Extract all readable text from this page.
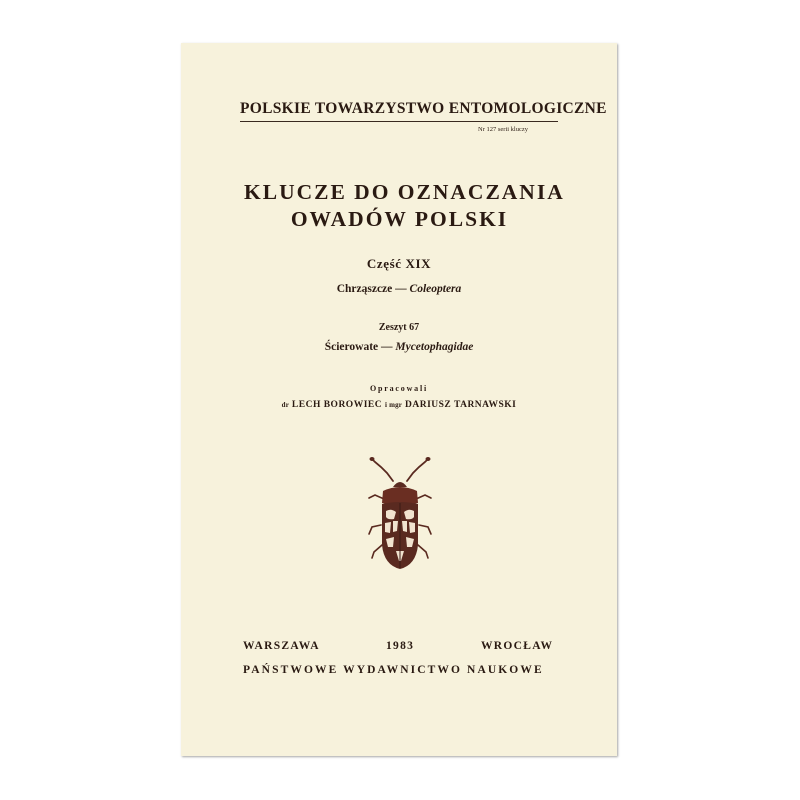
POLSKIE TOWARZYSTWO ENTOMOLOGICZNE
Nr 127 serii kluczy
KLUCZE DO OZNACZANIA
OWADÓW POLSKI
Część XIX
Chrząszcze — Coleoptera
Zeszyt 67
Ścierowate — Mycetophagidae
Opracowali
dr LECH BOROWIEC i mgr DARIUSZ TARNAWSKI
WARSZAWA	1983	WROCŁAW
PAŃSTWOWE WYDAWNICTWO NAUKOWE
